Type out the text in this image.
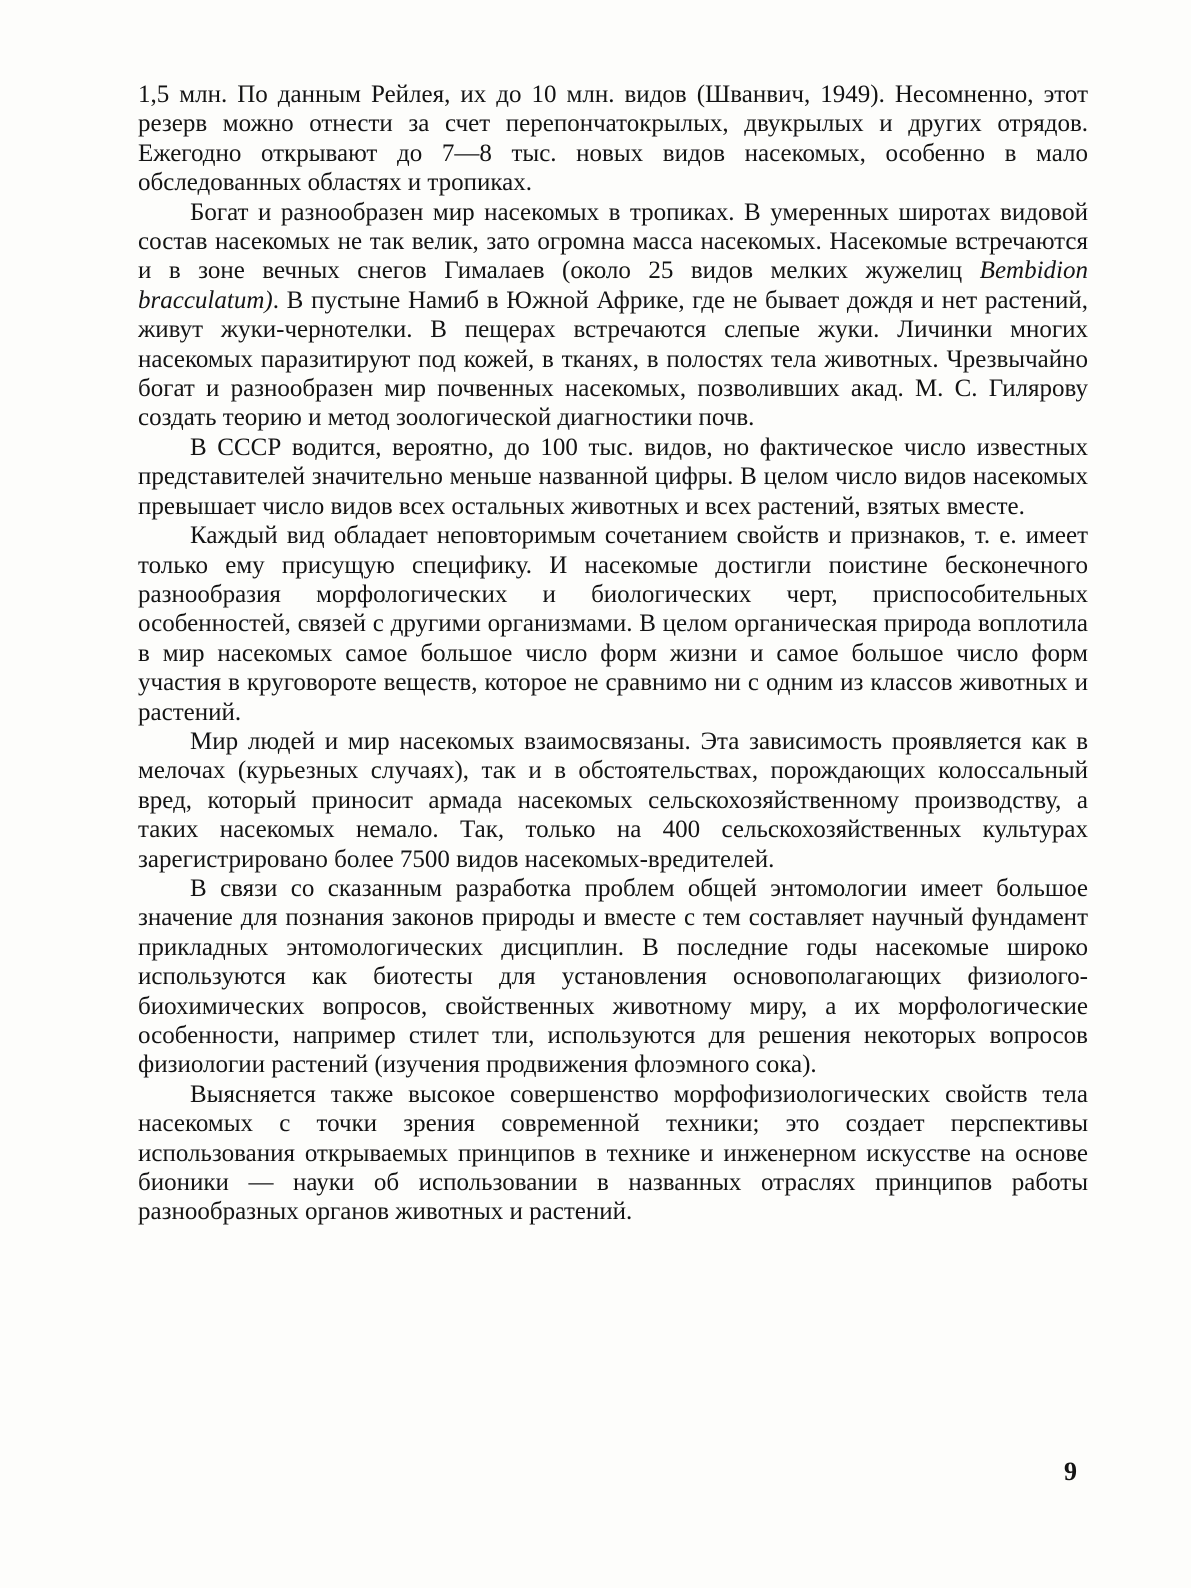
1,5 млн. По данным Рейлея, их до 10 млн. видов (Шванвич, 1949). Несомненно, этот резерв можно отнести за счет перепончатокрылых, двукрылых и других отрядов. Ежегодно открывают до 7—8 тыс. новых видов насекомых, особенно в мало обследованных областях и тропиках.

Богат и разнообразен мир насекомых в тропиках. В умеренных широтах видовой состав насекомых не так велик, зато огромна масса насекомых. Насекомые встречаются и в зоне вечных снегов Гималаев (около 25 видов мелких жужелиц Bembidion bracculatum). В пустыне Намиб в Южной Африке, где не бывает дождя и нет растений, живут жуки-чернотелки. В пещерах встречаются слепые жуки. Личинки многих насекомых паразитируют под кожей, в тканях, в полостях тела животных. Чрезвычайно богат и разнообразен мир почвенных насекомых, позволивших акад. М. С. Гилярову создать теорию и метод зоологической диагностики почв.

В СССР водится, вероятно, до 100 тыс. видов, но фактическое число известных представителей значительно меньше названной цифры. В целом число видов насекомых превышает число видов всех остальных животных и всех растений, взятых вместе.

Каждый вид обладает неповторимым сочетанием свойств и признаков, т. е. имеет только ему присущую специфику. И насекомые достигли поистине бесконечного разнообразия морфологических и биологических черт, приспособительных особенностей, связей с другими организмами. В целом органическая природа воплотила в мир насекомых самое большое число форм жизни и самое большое число форм участия в круговороте веществ, которое не сравнимо ни с одним из классов животных и растений.

Мир людей и мир насекомых взаимосвязаны. Эта зависимость проявляется как в мелочах (курьезных случаях), так и в обстоятельствах, порождающих колоссальный вред, который приносит армада насекомых сельскохозяйственному производству, а таких насекомых немало. Так, только на 400 сельскохозяйственных культурах зарегистрировано более 7500 видов насекомых-вредителей.

В связи со сказанным разработка проблем общей энтомологии имеет большое значение для познания законов природы и вместе с тем составляет научный фундамент прикладных энтомологических дисциплин. В последние годы насекомые широко используются как биотесты для установления основополагающих физиолого-биохимических вопросов, свойственных животному миру, а их морфологические особенности, например стилет тли, используются для решения некоторых вопросов физиологии растений (изучения продвижения флоэмного сока).

Выясняется также высокое совершенство морфофизиологических свойств тела насекомых с точки зрения современной техники; это создает перспективы использования открываемых принципов в технике и инженерном искусстве на основе бионики — науки об использовании в названных отраслях принципов работы разнообразных органов животных и растений.

9
